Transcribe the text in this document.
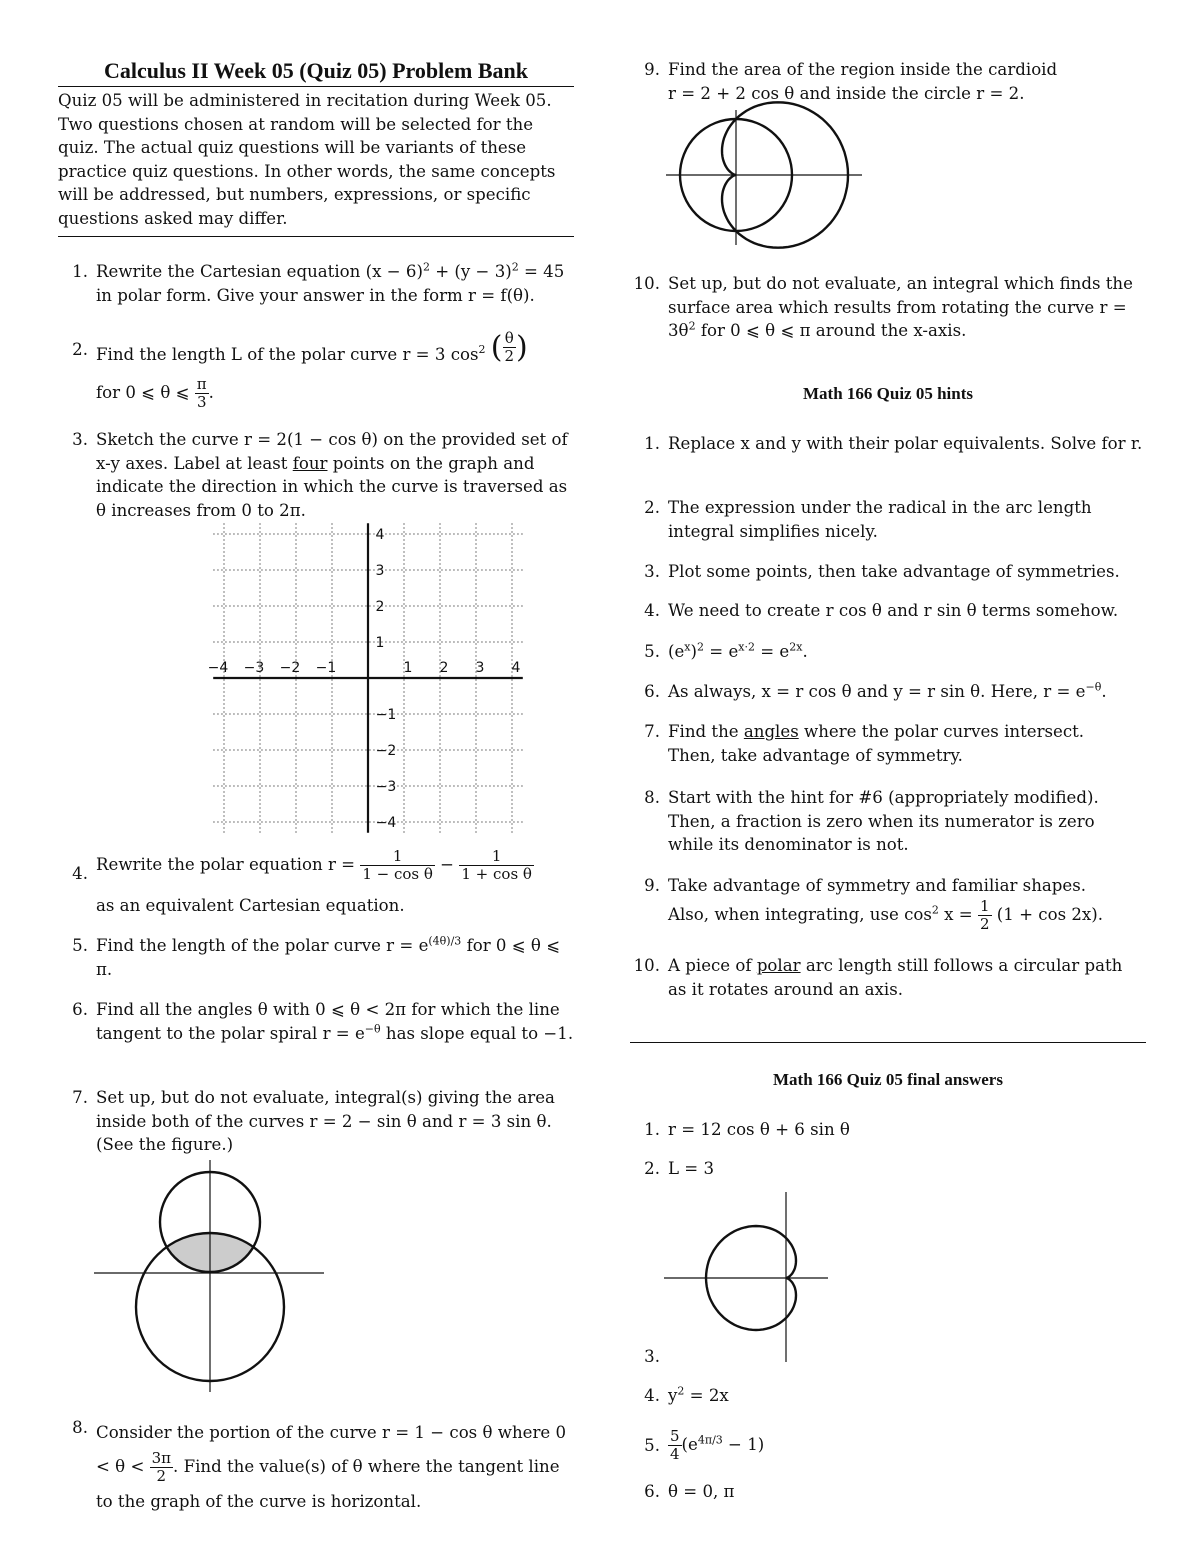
Calculus II Week 05 (Quiz 05) Problem Bank
Quiz 05 will be administered in recitation during Week 05. Two questions chosen at random will be selected for the quiz. The actual quiz questions will be variants of these practice quiz questions. In other words, the same concepts will be addressed, but numbers, expressions, or specific questions asked may differ.
1. Rewrite the Cartesian equation $(x - 6)^2 + (y - 3)^2 = 45$ in polar form. Give your answer in the form r = f(θ).
2. Find the length L of the polar curve r = 3 $\cos^2$ ( $\frac{\theta}{2}$ )
for 0 ⩽ θ ⩽ $\frac{\pi}{3}$ .
3. Sketch the curve r = 2(1 − cos θ) on the provided set of x-y axes. Label at least four points on the graph and indicate the direction in which the curve is traversed as θ increases from 0 to 2π.
−4 −3 −2 −1	1 2 3 4
4
3
2
1
−1
−2
−3
−4
4. Rewrite the polar equation $r = \frac{1}{\text{1 − cos θ}} - \frac{1}{\text{1 + cos θ}}$
as an equivalent Cartesian equation.
5. Find the length of the polar curve $r = e^{(4\theta)/3}$ for 0 ⩽ θ ⩽ π.
6. Find all the angles θ with 0 ⩽ θ < 2π for which the line tangent to the polar spiral $r = e^{-\theta}$ has slope equal to −1.
7. Set up, but do not evaluate, integral(s) giving the area inside both of the curves r = 2 − sin θ and r = 3 sin θ. (See the figure.)
8. Consider the portion of the curve r = 1 − cos θ where $0 < \theta < \frac{3\pi}{2}$ . Find the value(s) of θ where the tangent line to the graph of the curve is horizontal.
9. Find the area of the region inside the cardioid r = 2 + 2 cos θ and inside the circle r = 2.
10. Set up, but do not evaluate, an integral which finds the surface area which results from rotating the curve $r = 3\theta^2$ for 0 ⩽ θ ⩽ π around the x-axis.
Math 166 Quiz 05 hints
1. Replace x and y with their polar equivalents. Solve for r.
2. The expression under the radical in the arc length integral simplifies nicely.
3. Plot some points, then take advantage of symmetries.
4. We need to create r cos θ and r sin θ terms somehow.
5. $(e^x)^2 = e^{x\cdot 2} = e^{2x}$.
6. As always, x = r cos θ and y = r sin θ. Here, $r = e^{-\theta}$.
7. Find the angles where the polar curves intersect. Then, take advantage of symmetry.
8. Start with the hint for #6 (appropriately modified). Then, a fraction is zero when its numerator is zero while its denominator is not.
9. Take advantage of symmetry and familiar shapes.
Also, when integrating, use $\cos^2 x = \frac{1}{2} (1 + \cos 2x)$.
10. A piece of polar arc length still follows a circular path as it rotates around an axis.
Math 166 Quiz 05 final answers
1. r = 12 cos θ + 6 sin θ
2. L = 3
3.
4. $y^2 = 2x$
5. $\frac{5}{4} (e^{4\pi/3} - 1)$
6. θ = 0, π
